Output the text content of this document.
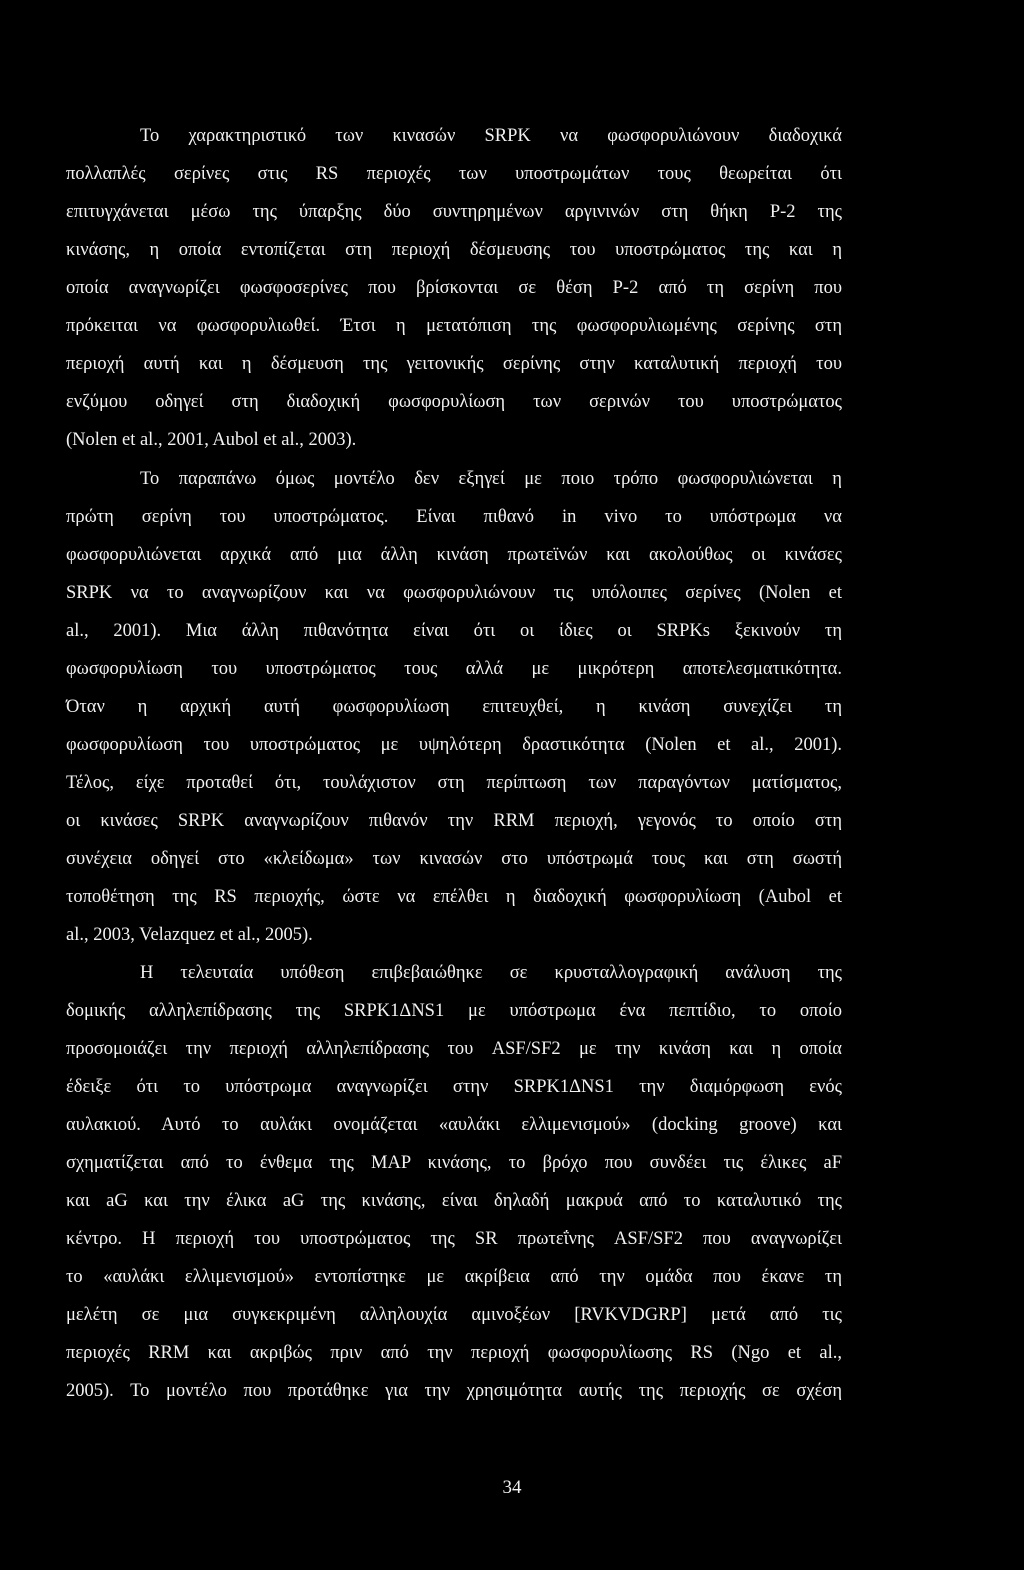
Το χαρακτηριστικό των κινασών SRPK να φωσφορυλιώνουν διαδοχικά
πολλαπλές σερίνες στις RS περιοχές των υποστρωμάτων τους θεωρείται ότι
επιτυγχάνεται μέσω της ύπαρξης δύο συντηρημένων αργινινών στη θήκη P-2 της
κινάσης, η οποία εντοπίζεται στη περιοχή δέσμευσης του υποστρώματος της και η
οποία αναγνωρίζει φωσφοσερίνες που βρίσκονται σε θέση P-2 από τη σερίνη που
πρόκειται να φωσφορυλιωθεί. Έτσι η μετατόπιση της φωσφορυλιωμένης σερίνης στη
περιοχή αυτή και η δέσμευση της γειτονικής σερίνης στην καταλυτική περιοχή του
ενζύμου οδηγεί στη διαδοχική φωσφορυλίωση των σερινών του υποστρώματος
(Nolen et al., 2001, Aubol et al., 2003).
Το παραπάνω όμως μοντέλο δεν εξηγεί με ποιο τρόπο φωσφορυλιώνεται η
πρώτη σερίνη του υποστρώματος. Είναι πιθανό in vivo το υπόστρωμα να
φωσφορυλιώνεται αρχικά από μια άλλη κινάση πρωτεϊνών και ακολούθως οι κινάσες
SRPK να το αναγνωρίζουν και να φωσφορυλιώνουν τις υπόλοιπες σερίνες (Nolen et
al., 2001). Μια άλλη πιθανότητα είναι ότι οι ίδιες οι SRPKs ξεκινούν τη
φωσφορυλίωση του υποστρώματος τους αλλά με μικρότερη αποτελεσματικότητα.
Όταν η αρχική αυτή φωσφορυλίωση επιτευχθεί, η κινάση συνεχίζει τη
φωσφορυλίωση του υποστρώματος με υψηλότερη δραστικότητα (Nolen et al., 2001).
Τέλος, είχε προταθεί ότι, τουλάχιστον στη περίπτωση των παραγόντων ματίσματος,
οι κινάσες SRPK αναγνωρίζουν πιθανόν την RRM περιοχή, γεγονός το οποίο στη
συνέχεια οδηγεί στο «κλείδωμα» των κινασών στο υπόστρωμά τους και στη σωστή
τοποθέτηση της RS περιοχής, ώστε να επέλθει η διαδοχική φωσφορυλίωση (Aubol et
al., 2003, Velazquez et al., 2005).
Η τελευταία υπόθεση επιβεβαιώθηκε σε κρυσταλλογραφική ανάλυση της
δομικής αλληλεπίδρασης της SRPK1ΔNS1 με υπόστρωμα ένα πεπτίδιο, το οποίο
προσομοιάζει την περιοχή αλληλεπίδρασης του ASF/SF2 με την κινάση και η οποία
έδειξε ότι το υπόστρωμα αναγνωρίζει στην SRPK1ΔNS1 την διαμόρφωση ενός
αυλακιού. Αυτό το αυλάκι ονομάζεται «αυλάκι ελλιμενισμού» (docking groove) και
σχηματίζεται από το ένθεμα της MAP κινάσης, το βρόχο που συνδέει τις έλικες aF
και aG και την έλικα aG της κινάσης, είναι δηλαδή μακρυά από το καταλυτικό της
κέντρο. Η περιοχή του υποστρώματος της SR πρωτεΐνης ASF/SF2 που αναγνωρίζει
το «αυλάκι ελλιμενισμού» εντοπίστηκε με ακρίβεια από την ομάδα που έκανε τη
μελέτη σε μια συγκεκριμένη αλληλουχία αμινοξέων [RVKVDGRP] μετά από τις
περιοχές RRM και ακριβώς πριν από την περιοχή φωσφορυλίωσης RS (Ngo et al.,
2005). Το μοντέλο που προτάθηκε για την χρησιμότητα αυτής της περιοχής σε σχέση
34
